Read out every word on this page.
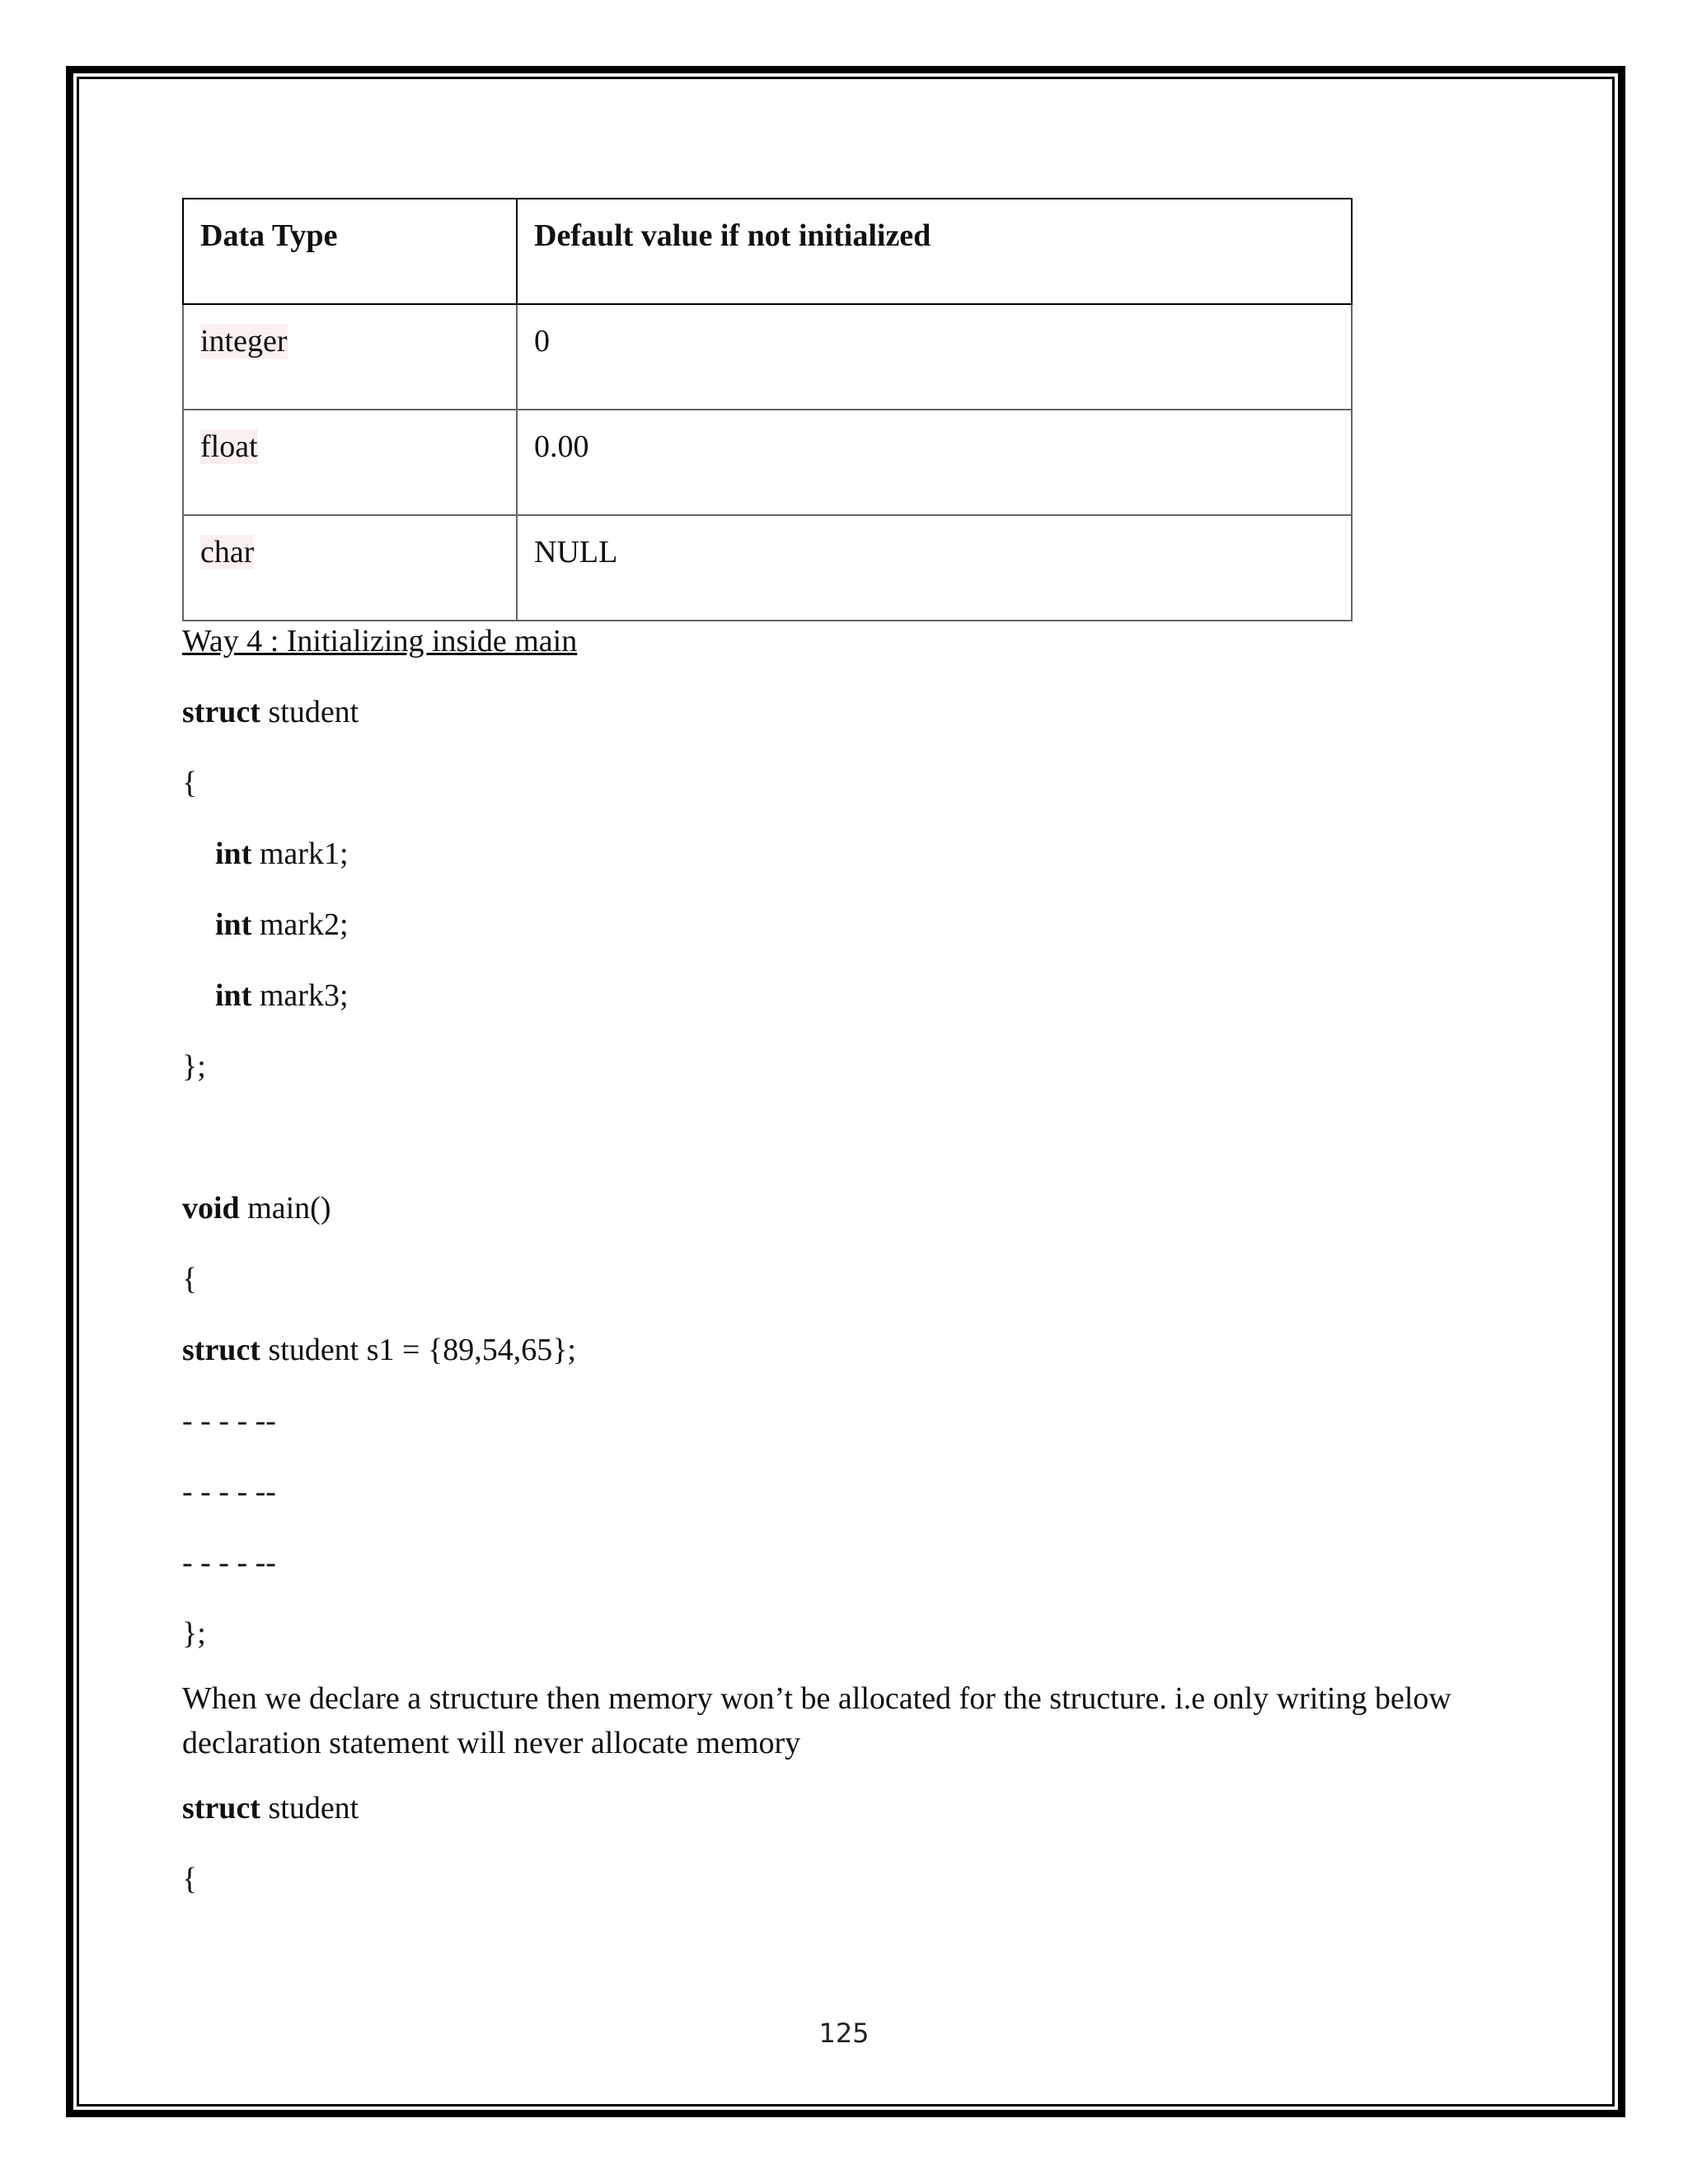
Data Type	Default value if not initialized
integer	0
float	0.00
char	NULL

Way 4 : Initializing inside main

struct student

{

int mark1;

int mark2;

int mark3;

};

void main()

{

struct student s1 = {89,54,65};

- - - - --

- - - - --

- - - - --

};

When we declare a structure then memory won’t be allocated for the structure. i.e only writing below declaration statement will never allocate memory

struct student

{

125
